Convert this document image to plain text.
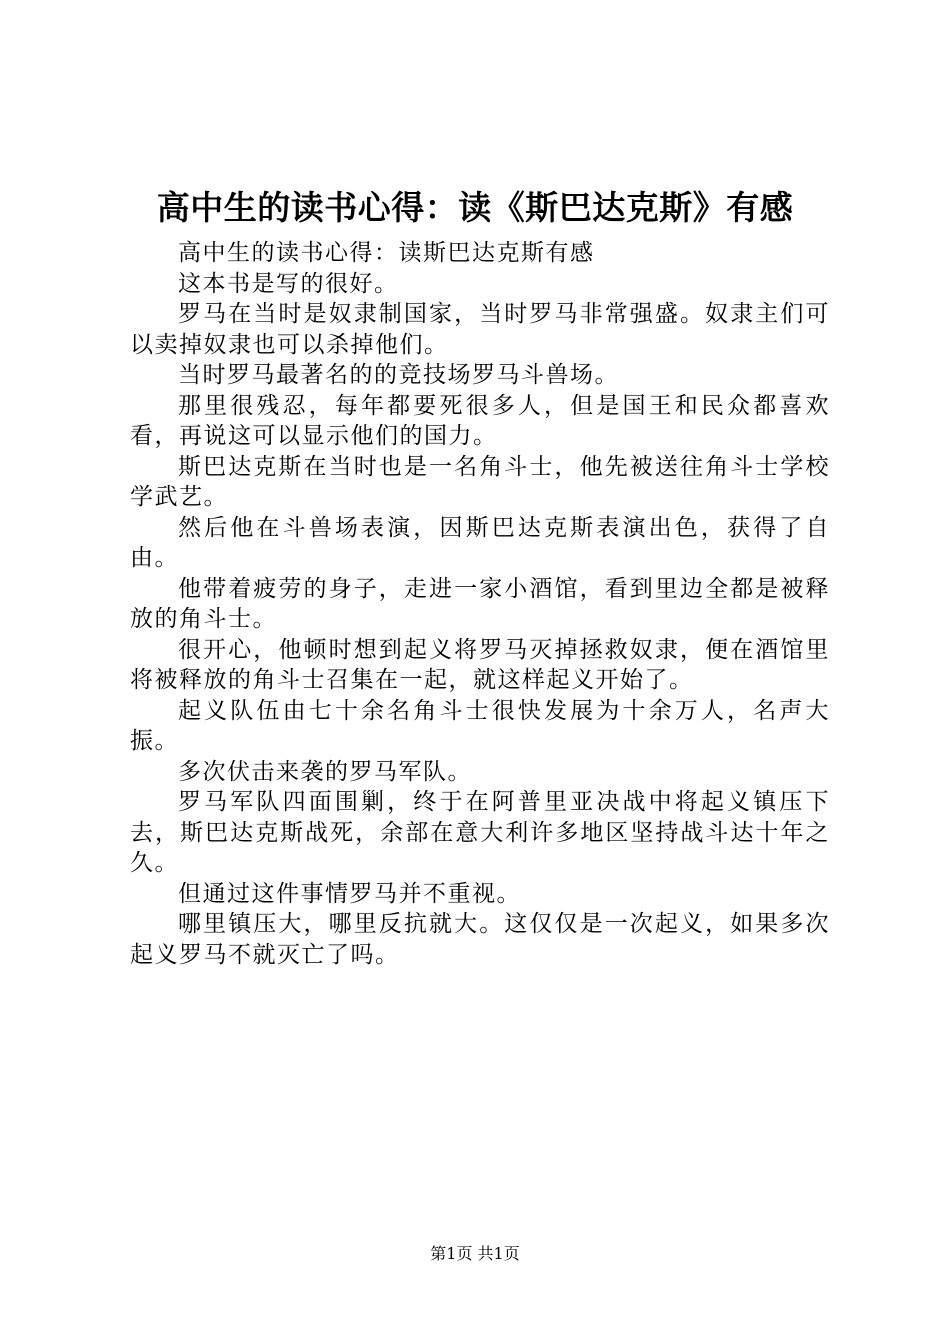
高中生的读书心得：读《斯巴达克斯》有感

高中生的读书心得：读斯巴达克斯有感

这本书是写的很好。

罗马在当时是奴隶制国家，当时罗马非常强盛。奴隶主们可以卖掉奴隶也可以杀掉他们。

当时罗马最著名的的竞技场罗马斗兽场。

那里很残忍，每年都要死很多人，但是国王和民众都喜欢看，再说这可以显示他们的国力。

斯巴达克斯在当时也是一名角斗士，他先被送往角斗士学校学武艺。

然后他在斗兽场表演，因斯巴达克斯表演出色，获得了自由。

他带着疲劳的身子，走进一家小酒馆，看到里边全都是被释放的角斗士。

很开心，他顿时想到起义将罗马灭掉拯救奴隶，便在酒馆里将被释放的角斗士召集在一起，就这样起义开始了。

起义队伍由七十余名角斗士很快发展为十余万人，名声大振。

多次伏击来袭的罗马军队。

罗马军队四面围剿，终于在阿普里亚决战中将起义镇压下去，斯巴达克斯战死，余部在意大利许多地区坚持战斗达十年之久。

但通过这件事情罗马并不重视。

哪里镇压大，哪里反抗就大。这仅仅是一次起义，如果多次起义罗马不就灭亡了吗。

第1页 共1页
